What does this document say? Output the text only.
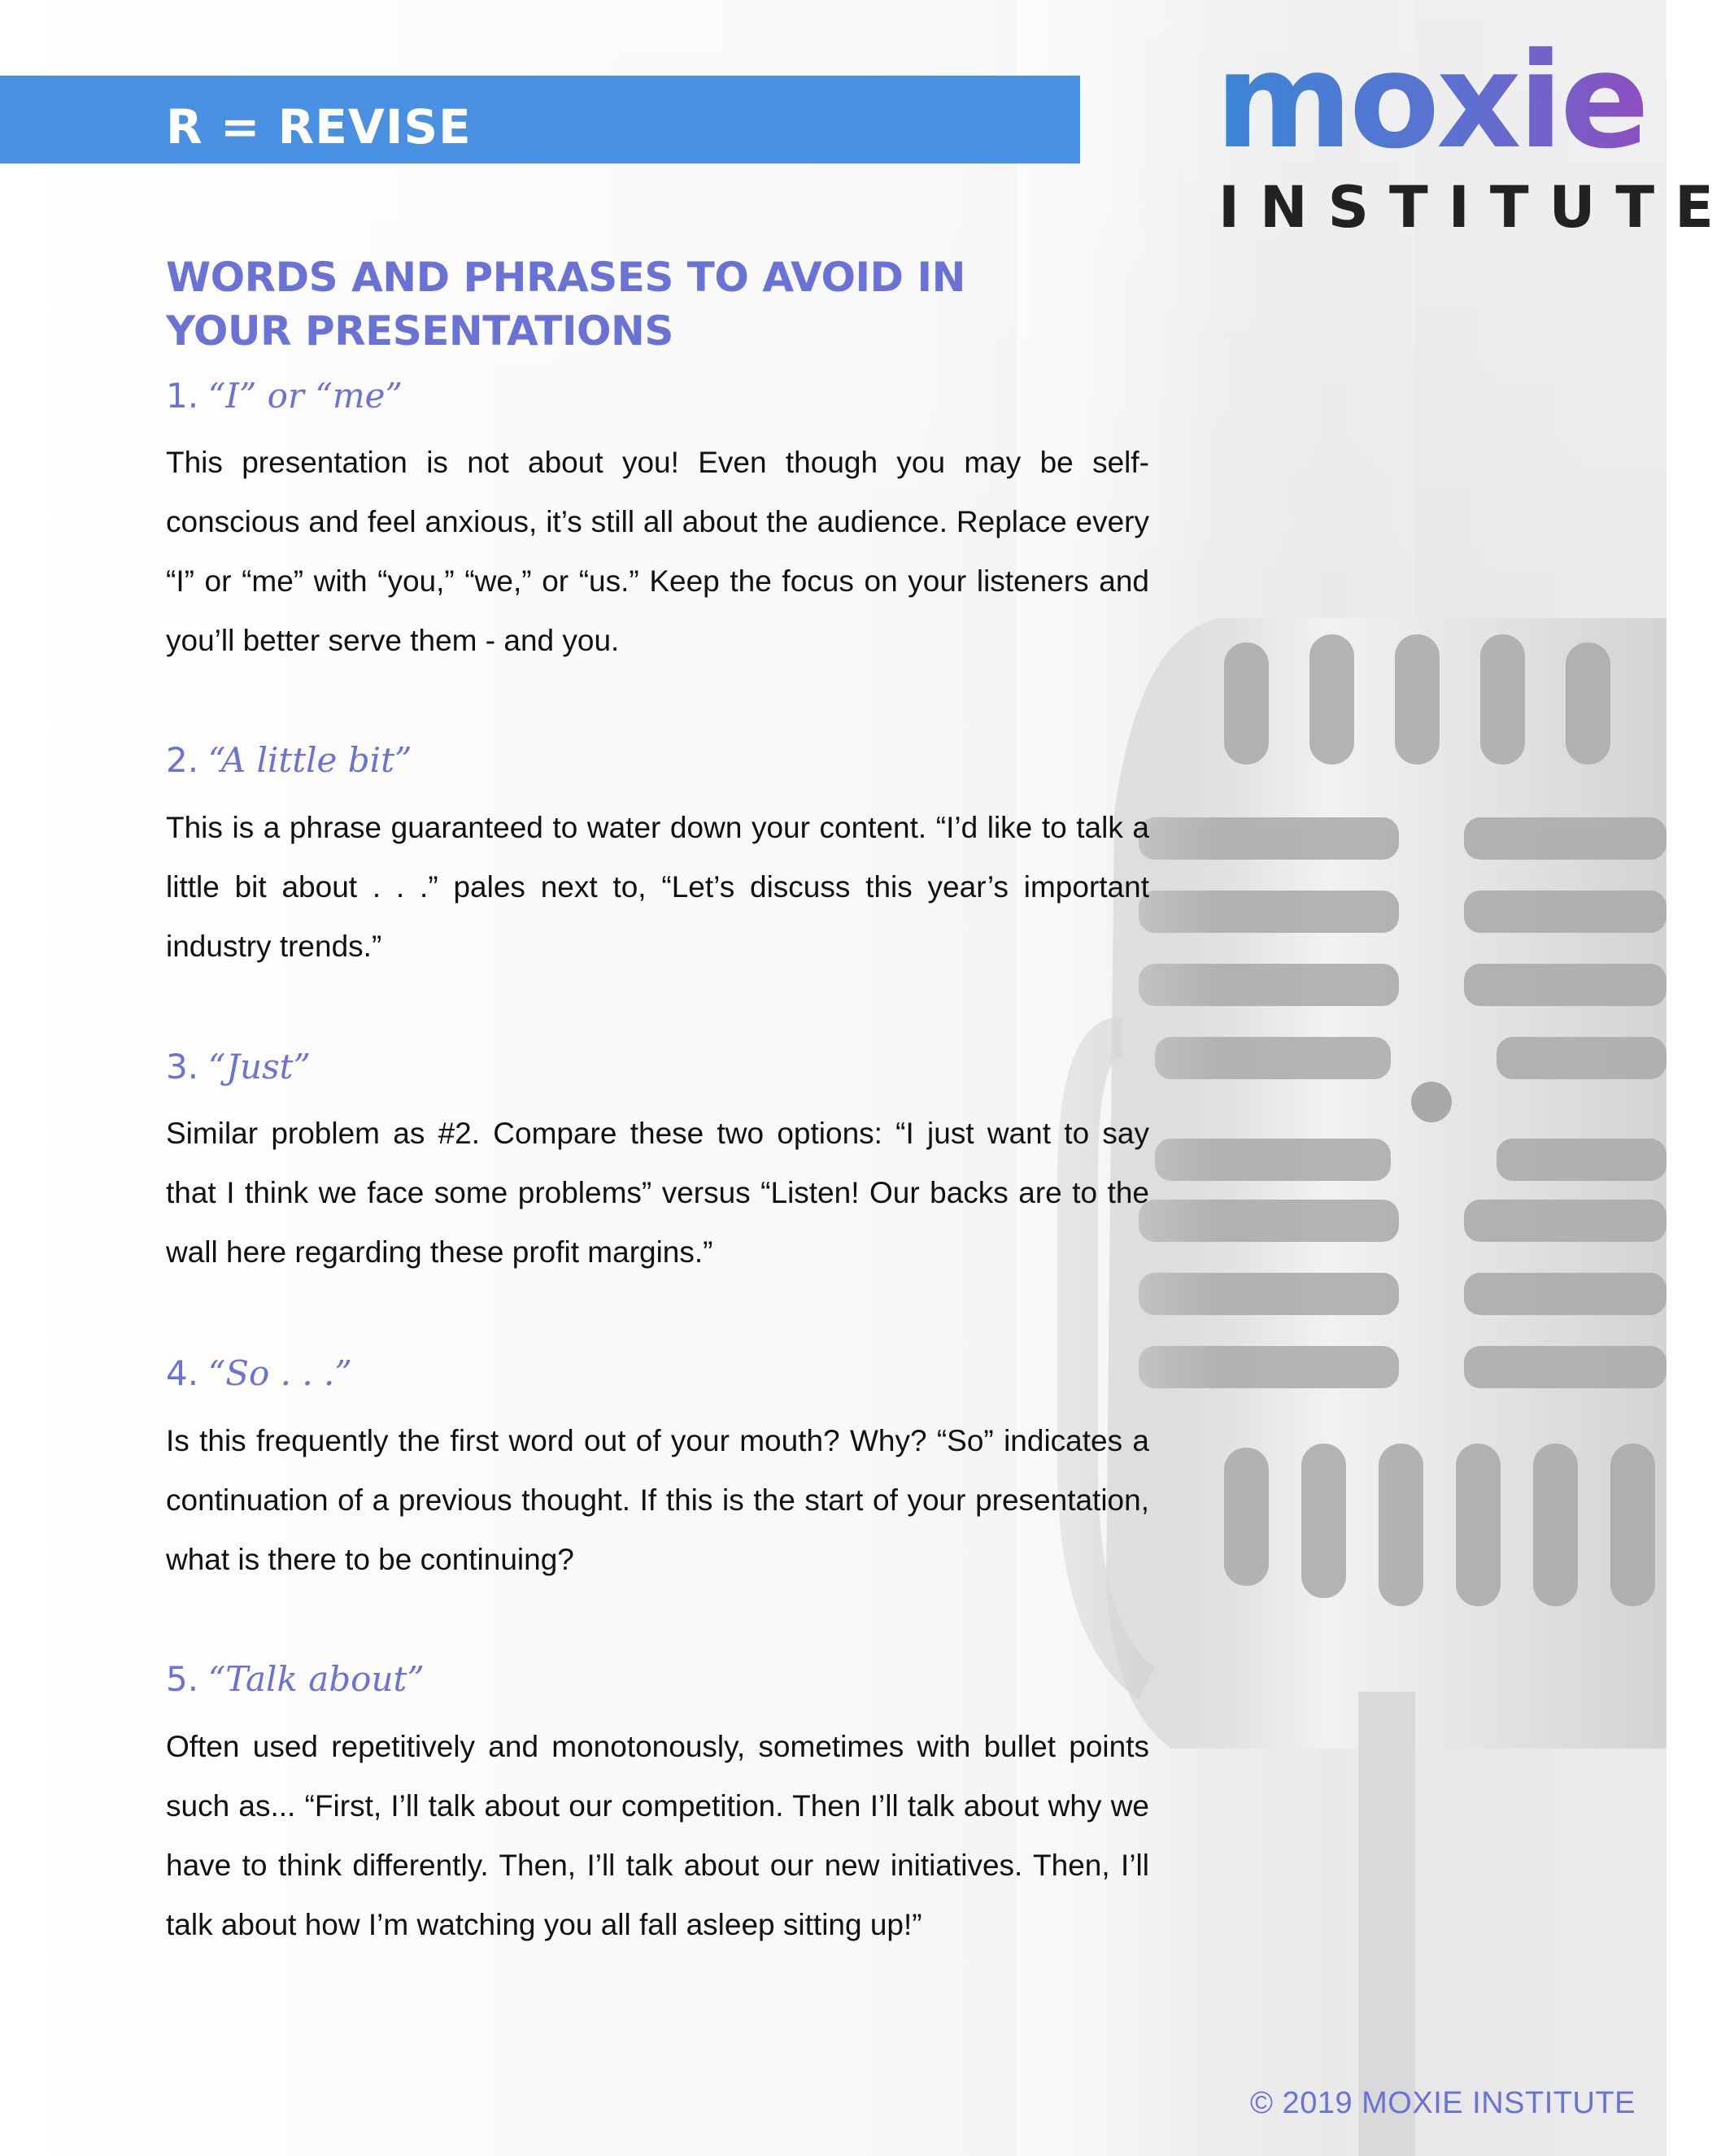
R = REVISE	moxie
INSTITUTE
WORDS AND PHRASES TO AVOID IN YOUR PRESENTATIONS
1. “I” or “me”
This presentation is not about you! Even though you may be self-conscious and feel anxious, it’s still all about the audience. Replace every “I” or “me” with “you,” “we,” or “us.” Keep the focus on your listeners and you’ll better serve them - and you.
2. “A little bit”
This is a phrase guaranteed to water down your content. “I’d like to talk a little bit about . . .” pales next to, “Let’s discuss this year’s important industry trends.”
3. “Just”
Similar problem as #2. Compare these two options: “I just want to say that I think we face some problems” versus “Listen! Our backs are to the wall here regarding these profit margins.”
4. “So . . .”
Is this frequently the first word out of your mouth? Why? “So” indicates a continuation of a previous thought. If this is the start of your presentation, what is there to be continuing?
5. “Talk about”
Often used repetitively and monotonously, sometimes with bullet points such as... “First, I’ll talk about our competition. Then I’ll talk about why we have to think differently. Then, I’ll talk about our new initiatives. Then, I’ll talk about how I’m watching you all fall asleep sitting up!”
© 2019 MOXIE INSTITUTE
